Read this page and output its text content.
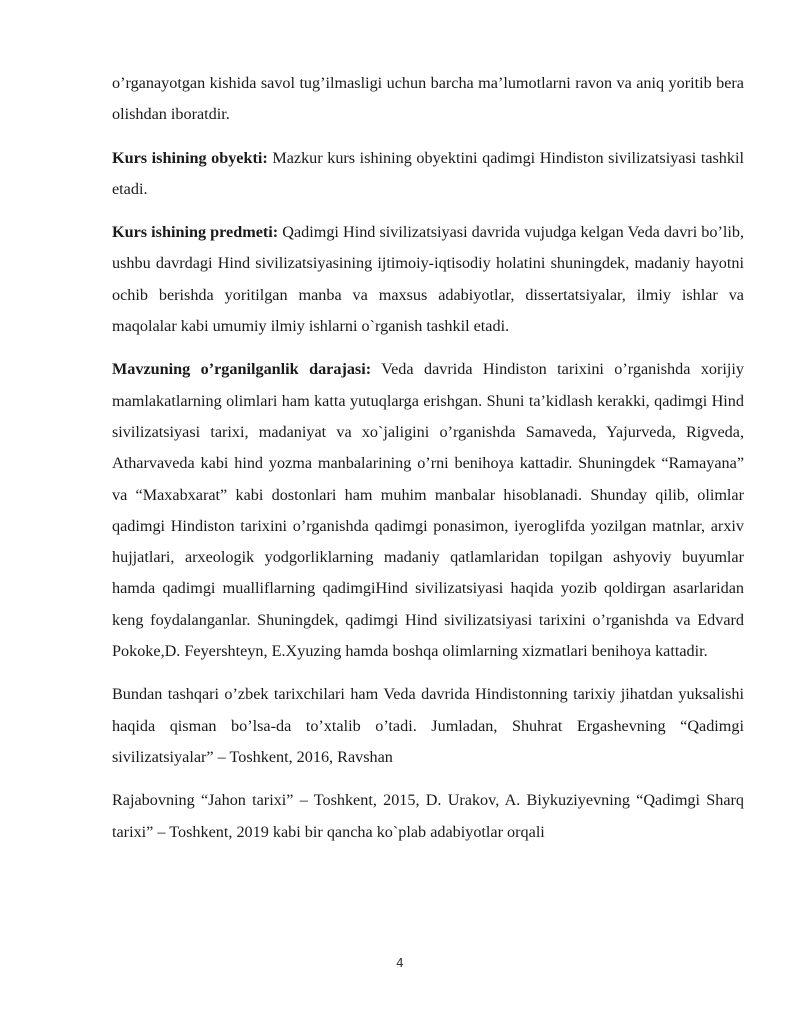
o’rganayotgan kishida savol tug’ilmasligi uchun barcha ma’lumotlarni ravon va aniq yoritib bera olishdan iboratdir.

Kurs ishining obyekti: Mazkur kurs ishining obyektini qadimgi Hindiston sivilizatsiyasi tashkil etadi.

Kurs ishining predmeti: Qadimgi Hind sivilizatsiyasi davrida vujudga kelgan Veda davri bo’lib, ushbu davrdagi Hind sivilizatsiyasining ijtimoiy-iqtisodiy holatini shuningdek, madaniy hayotni ochib berishda yoritilgan manba va maxsus adabiyotlar, dissertatsiyalar, ilmiy ishlar va maqolalar kabi umumiy ilmiy ishlarni o`rganish tashkil etadi.

Mavzuning o’rganilganlik darajasi: Veda davrida Hindiston tarixini o’rganishda xorijiy mamlakatlarning olimlari ham katta yutuqlarga erishgan. Shuni ta’kidlash kerakki, qadimgi Hind sivilizatsiyasi tarixi, madaniyat va xo`jaligini o’rganishda Samaveda, Yajurveda, Rigveda, Atharvaveda kabi hind yozma manbalarining o’rni benihoya kattadir. Shuningdek “Ramayana” va “Maxabxarat” kabi dostonlari ham muhim manbalar hisoblanadi. Shunday qilib, olimlar qadimgi Hindiston tarixini o’rganishda qadimgi ponasimon, iyeroglifda yozilgan matnlar, arxiv hujjatlari, arxeologik yodgorliklarning madaniy qatlamlaridan topilgan ashyoviy buyumlar hamda qadimgi mualliflarning qadimgiHind sivilizatsiyasi haqida yozib qoldirgan asarlaridan keng foydalanganlar. Shuningdek, qadimgi Hind sivilizatsiyasi tarixini o’rganishda va Edvard Pokoke,D. Feyershteyn, E.Xyuzing hamda boshqa olimlarning xizmatlari benihoya kattadir.

Bundan tashqari o’zbek tarixchilari ham Veda davrida Hindistonning tarixiy jihatdan yuksalishi haqida qisman bo’lsa-da to’xtalib o’tadi. Jumladan, Shuhrat Ergashevning “Qadimgi sivilizatsiyalar” – Toshkent, 2016, Ravshan

Rajabovning “Jahon tarixi” – Toshkent, 2015, D. Urakov, A. Biykuziyevning “Qadimgi Sharq tarixi” – Toshkent, 2019 kabi bir qancha ko`plab adabiyotlar orqali

4
